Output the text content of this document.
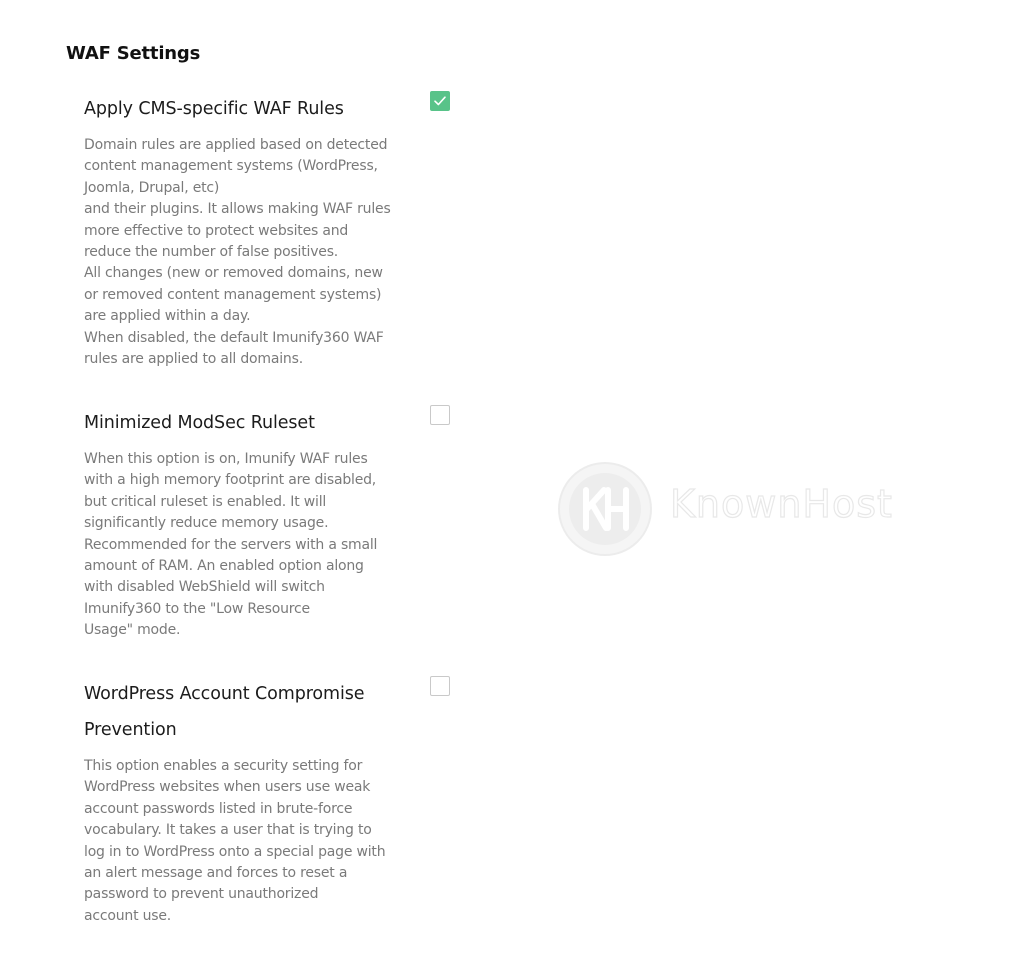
WAF Settings
Apply CMS-specific WAF Rules

Domain rules are applied based on detected
content management systems (WordPress,
Joomla, Drupal, etc)
and their plugins. It allows making WAF rules
more effective to protect websites and
reduce the number of false positives.
All changes (new or removed domains, new
or removed content management systems)
are applied within a day.
When disabled, the default Imunify360 WAF
rules are applied to all domains.

Minimized ModSec Ruleset

When this option is on, Imunify WAF rules
with a high memory footprint are disabled,
but critical ruleset is enabled. It will
significantly reduce memory usage.
Recommended for the servers with a small
amount of RAM. An enabled option along
with disabled WebShield will switch
Imunify360 to the "Low Resource
Usage" mode.

WordPress Account Compromise
Prevention

This option enables a security setting for
WordPress websites when users use weak
account passwords listed in brute-force
vocabulary. It takes a user that is trying to
log in to WordPress onto a special page with
an alert message and forces to reset a
password to prevent unauthorized
account use.

KnownHost
